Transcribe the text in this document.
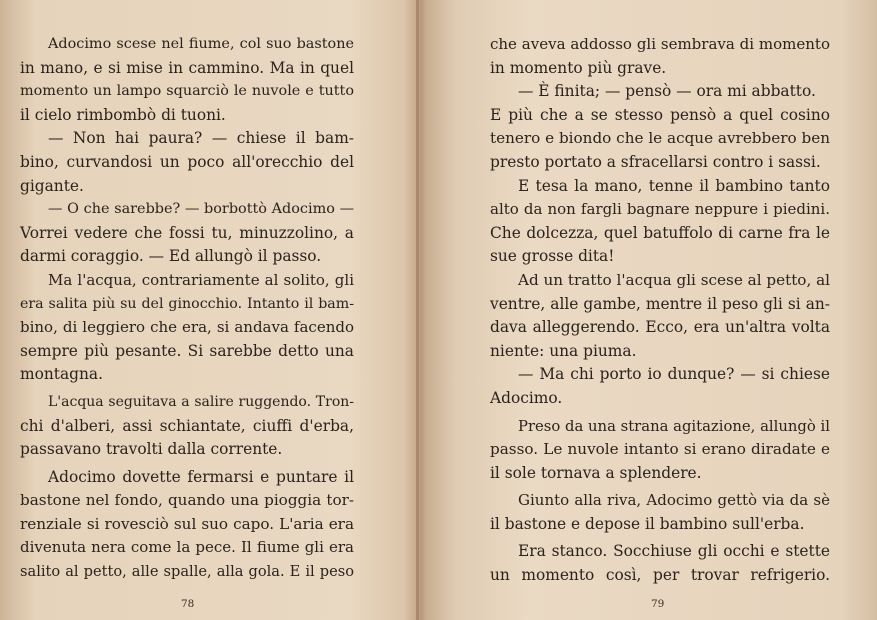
Adocimo scese nel fiume, col suo bastone
in mano, e si mise in cammino. Ma in quel
momento un lampo squarciò le nuvole e tutto
il cielo rimbombò di tuoni.
— Non hai paura? — chiese il bam-
bino, curvandosi un poco all'orecchio del
gigante.
— O che sarebbe? — borbottò Adocimo —
Vorrei vedere che fossi tu, minuzzolino, a
darmi coraggio. — Ed allungò il passo.
Ma l'acqua, contrariamente al solito, gli
era salita più su del ginocchio. Intanto il bam-
bino, di leggiero che era, si andava facendo
sempre più pesante. Si sarebbe detto una
montagna.
L'acqua seguitava a salire ruggendo. Tron-
chi d'alberi, assi schiantate, ciuffi d'erba,
passavano travolti dalla corrente.
Adocimo dovette fermarsi e puntare il
bastone nel fondo, quando una pioggia tor-
renziale si rovesciò sul suo capo. L'aria era
divenuta nera come la pece. Il fiume gli era
salito al petto, alle spalle, alla gola. E il peso
che aveva addosso gli sembrava di momento
in momento più grave.
— È finita; — pensò — ora mi abbatto.
E più che a se stesso pensò a quel cosino
tenero e biondo che le acque avrebbero ben
presto portato a sfracellarsi contro i sassi.
E tesa la mano, tenne il bambino tanto
alto da non fargli bagnare neppure i piedini.
Che dolcezza, quel batuffolo di carne fra le
sue grosse dita!
Ad un tratto l'acqua gli scese al petto, al
ventre, alle gambe, mentre il peso gli si an-
dava alleggerendo. Ecco, era un'altra volta
niente: una piuma.
— Ma chi porto io dunque? — si chiese
Adocimo.
Preso da una strana agitazione, allungò il
passo. Le nuvole intanto si erano diradate e
il sole tornava a splendere.
Giunto alla riva, Adocimo gettò via da sè
il bastone e depose il bambino sull'erba.
Era stanco. Socchiuse gli occhi e stette
un momento così, per trovar refrigerio.
78	79
